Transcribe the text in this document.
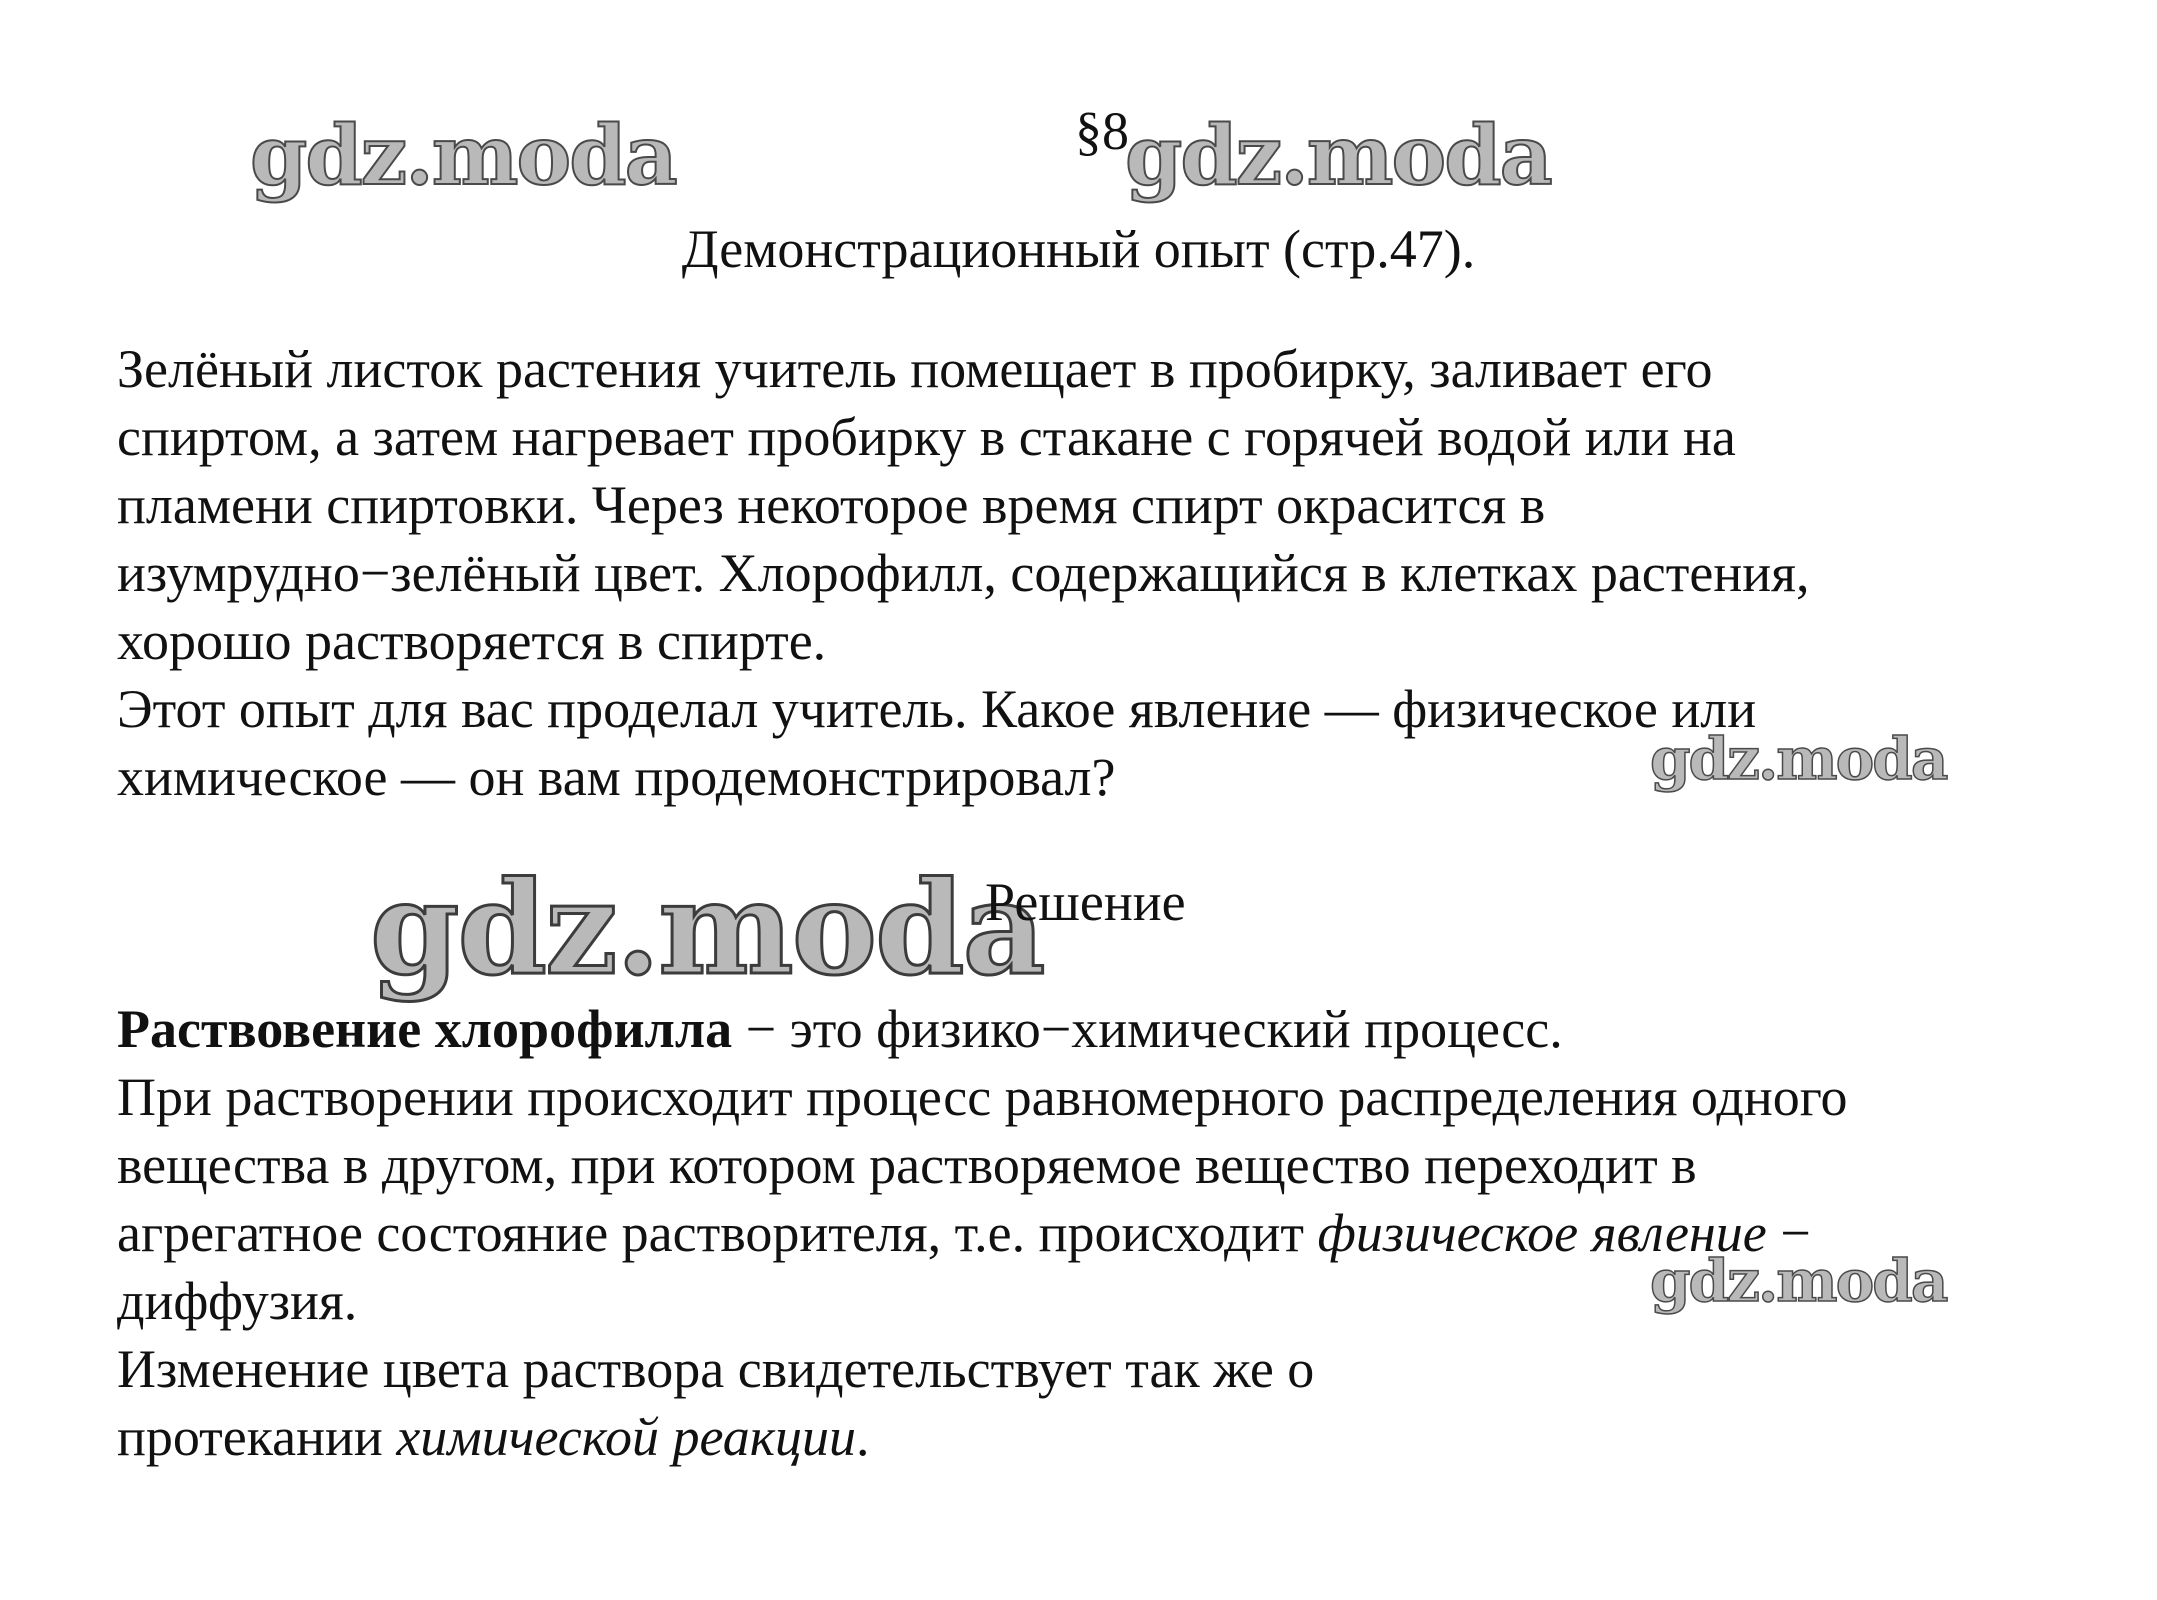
gdz.moda	gdz.moda
§8
Демонстрационный опыт (стр.47).
Зелёный листок растения учитель помещает в пробирку, заливает его
спиртом, а затем нагревает пробирку в стакане с горячей водой или на
пламени спиртовки. Через некоторое время спирт окрасится в
изумрудно−зелёный цвет. Хлорофилл, содержащийся в клетках растения,
хорошо растворяется в спирте.
Этот опыт для вас проделал учитель. Какое явление — физическое или
химическое — он вам продемонстрировал?	gdz.moda
gdz.moda
Решение
Раствовение хлорофилла − это физико−химический процесс.
При растворении происходит процесс равномерного распределения одного
вещества в другом, при котором растворяемое вещество переходит в
агрегатное состояние растворителя, т.е. происходит физическое явление −
диффузия.
Изменение цвета раствора свидетельствует так же о
протекании химической реакции.
gdz.moda
